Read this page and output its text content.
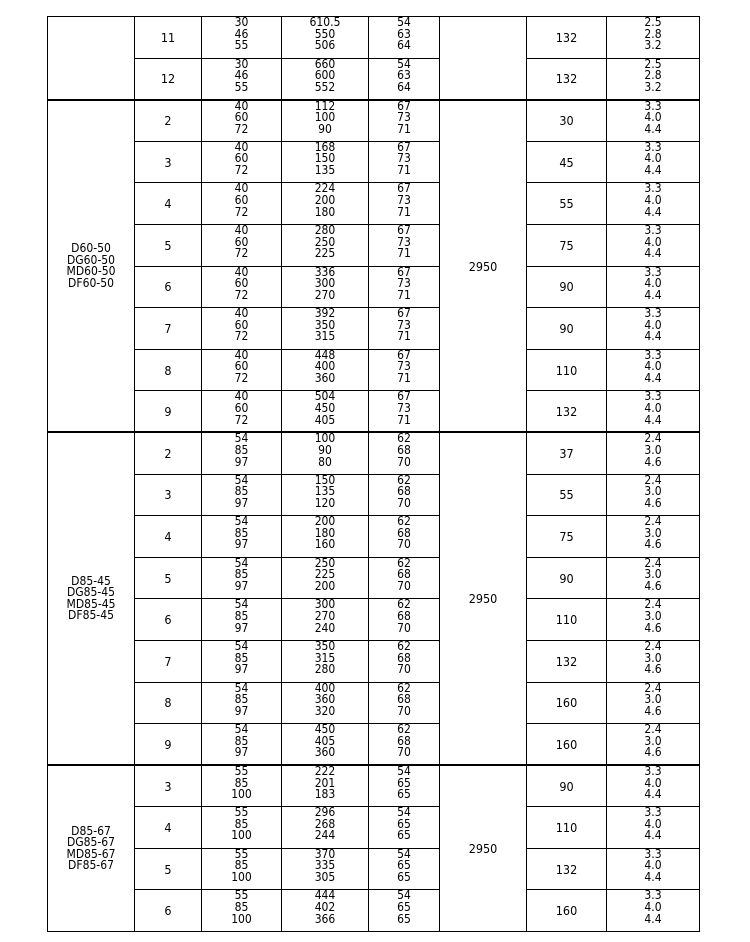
	11	30
46
55	610.5
550
506	54
63
64		132	2.5
2.8
3.2

	12	30
46
55	660
600
552	54
63
64		132	2.5
2.8
3.2

D60-50
DG60-50
MD60-50
DF60-50	2	40
60
72	112
100
90	67
73
71	2950	30	3.3
4.0
4.4

	3	40
60
72	168
150
135	67
73
71		45	3.3
4.0
4.4

	4	40
60
72	224
200
180	67
73
71		55	3.3
4.0
4.4

	5	40
60
72	280
250
225	67
73
71		75	3.3
4.0
4.4

	6	40
60
72	336
300
270	67
73
71		90	3.3
4.0
4.4

	7	40
60
72	392
350
315	67
73
71		90	3.3
4.0
4.4

	8	40
60
72	448
400
360	67
73
71		110	3.3
4.0
4.4

	9	40
60
72	504
450
405	67
73
71		132	3.3
4.0
4.4

D85-45
DG85-45
MD85-45
DF85-45	2	54
85
97	100
90
80	62
68
70	2950	37	2.4
3.0
4.6

	3	54
85
97	150
135
120	62
68
70		55	2.4
3.0
4.6

	4	54
85
97	200
180
160	62
68
70		75	2.4
3.0
4.6

	5	54
85
97	250
225
200	62
68
70		90	2.4
3.0
4.6

	6	54
85
97	300
270
240	62
68
70		110	2.4
3.0
4.6

	7	54
85
97	350
315
280	62
68
70		132	2.4
3.0
4.6

	8	54
85
97	400
360
320	62
68
70		160	2.4
3.0
4.6

	9	54
85
97	450
405
360	62
68
70		160	2.4
3.0
4.6

D85-67
DG85-67
MD85-67
DF85-67	3	55
85
100	222
201
183	54
65
65	2950	90	3.3
4.0
4.4

	4	55
85
100	296
268
244	54
65
65		110	3.3
4.0
4.4

	5	55
85
100	370
335
305	54
65
65		132	3.3
4.0
4.4

	6	55
85
100	444
402
366	54
65
65		160	3.3
4.0
4.4
